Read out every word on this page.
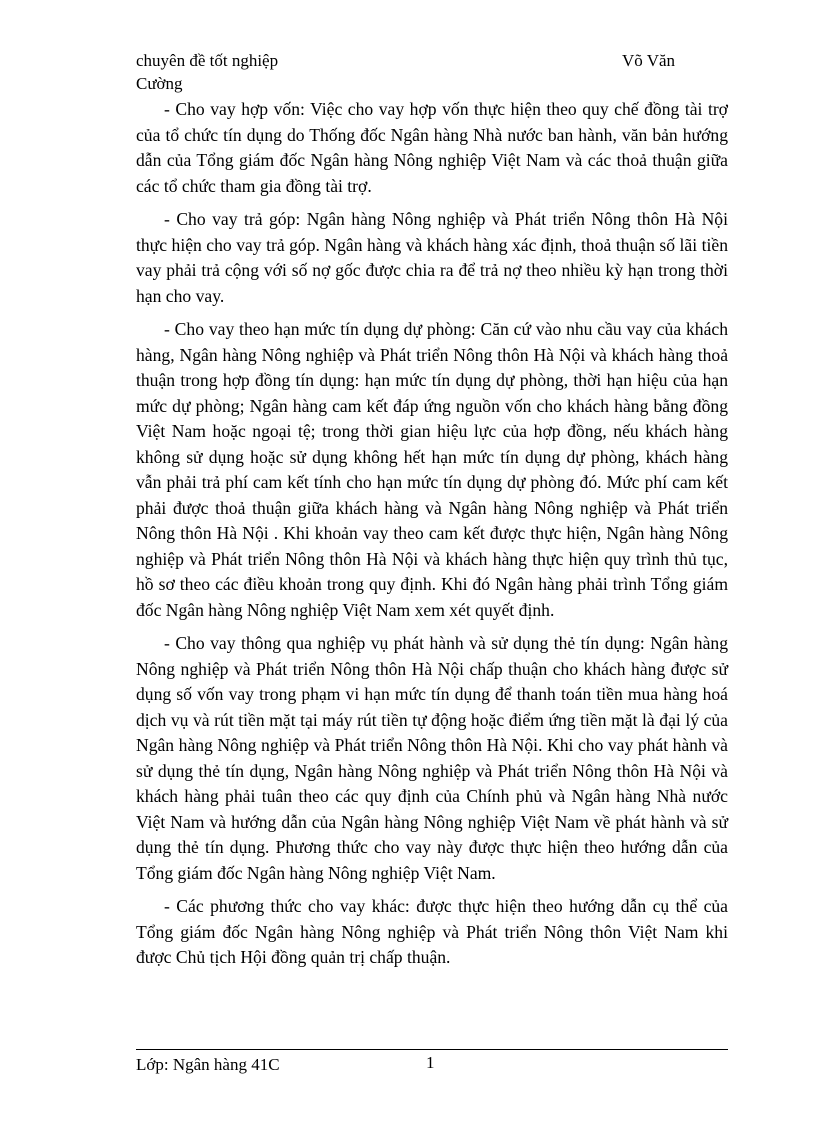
chuyên đề tốt nghiệp
Cường
Võ Văn

- Cho vay hợp vốn: Việc cho vay hợp vốn thực hiện theo quy chế đồng tài trợ của tổ chức tín dụng do Thống đốc Ngân hàng Nhà nước ban hành, văn bản hướng dẫn của Tổng giám đốc Ngân hàng Nông nghiệp Việt Nam và các thoả thuận giữa các tổ chức tham gia đồng tài trợ.

- Cho vay trả góp: Ngân hàng Nông nghiệp và Phát triển Nông thôn Hà Nội thực hiện cho vay trả góp. Ngân hàng và khách hàng xác định, thoả thuận số lãi tiền vay phải trả cộng với số nợ gốc được chia ra để trả nợ theo nhiều kỳ hạn trong thời hạn cho vay.

- Cho vay theo hạn mức tín dụng dự phòng: Căn cứ vào nhu cầu vay của khách hàng, Ngân hàng Nông nghiệp và Phát triển Nông thôn Hà Nội và khách hàng thoả thuận trong hợp đồng tín dụng: hạn mức tín dụng dự phòng, thời hạn hiệu của hạn mức dự phòng; Ngân hàng cam kết đáp ứng nguồn vốn cho khách hàng bằng đồng Việt Nam hoặc ngoại tệ; trong thời gian hiệu lực của hợp đồng, nếu khách hàng không sử dụng hoặc sử dụng không hết hạn mức tín dụng dự phòng, khách hàng vẫn phải trả phí cam kết tính cho hạn mức tín dụng dự phòng đó. Mức phí cam kết phải được thoả thuận giữa khách hàng và Ngân hàng Nông nghiệp và Phát triển Nông thôn Hà Nội . Khi khoản vay theo cam kết được thực hiện, Ngân hàng Nông nghiệp và Phát triển Nông thôn Hà Nội và khách hàng thực hiện quy trình thủ tục, hồ sơ theo các điều khoản trong quy định. Khi đó Ngân hàng phải trình Tổng giám đốc Ngân hàng Nông nghiệp Việt Nam xem xét quyết định.

- Cho vay thông qua nghiệp vụ phát hành và sử dụng thẻ tín dụng: Ngân hàng Nông nghiệp và Phát triển Nông thôn Hà Nội chấp thuận cho khách hàng được sử dụng số vốn vay trong phạm vi hạn mức tín dụng để thanh toán tiền mua hàng hoá dịch vụ và rút tiền mặt tại máy rút tiền tự động hoặc điểm ứng tiền mặt là đại lý của Ngân hàng Nông nghiệp và Phát triển Nông thôn Hà Nội. Khi cho vay phát hành và sử dụng thẻ tín dụng, Ngân hàng Nông nghiệp và Phát triển Nông thôn Hà Nội và khách hàng phải tuân theo các quy định của Chính phủ và Ngân hàng Nhà nước Việt Nam và hướng dẫn của Ngân hàng Nông nghiệp Việt Nam về phát hành và sử dụng thẻ tín dụng. Phương thức cho vay này được thực hiện theo hướng dẫn của Tổng giám đốc Ngân hàng Nông nghiệp Việt Nam.

- Các phương thức cho vay khác: được thực hiện theo hướng dẫn cụ thể của Tổng giám đốc Ngân hàng Nông nghiệp và Phát triển Nông thôn Việt Nam khi được Chủ tịch Hội đồng quản trị chấp thuận.

Lớp: Ngân hàng 41C	1
